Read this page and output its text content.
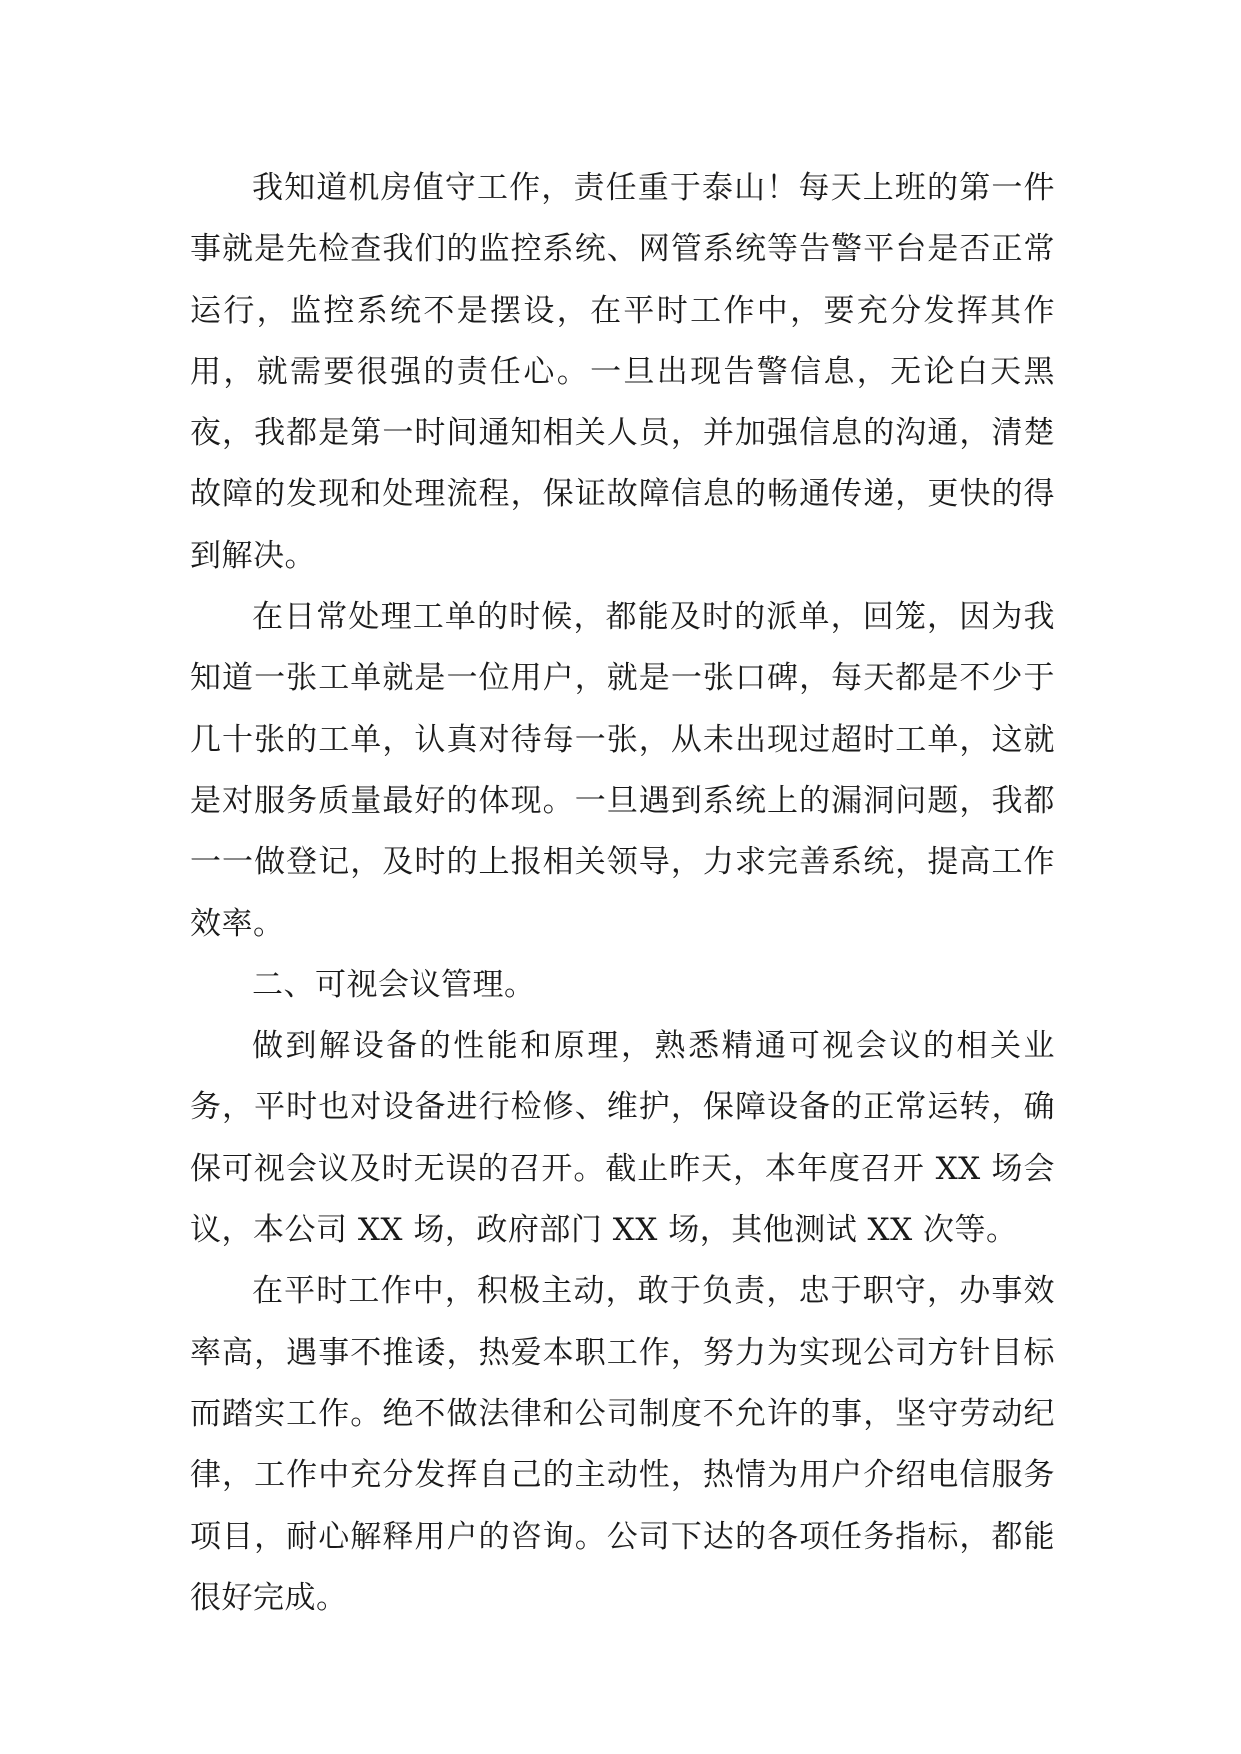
我知道机房值守工作，责任重于泰山！每天上班的第一件事就是先检查我们的监控系统、网管系统等告警平台是否正常运行，监控系统不是摆设，在平时工作中，要充分发挥其作用，就需要很强的责任心。一旦出现告警信息，无论白天黑夜，我都是第一时间通知相关人员，并加强信息的沟通，清楚故障的发现和处理流程，保证故障信息的畅通传递，更快的得到解决。

在日常处理工单的时候，都能及时的派单，回笼，因为我知道一张工单就是一位用户，就是一张口碑，每天都是不少于几十张的工单，认真对待每一张，从未出现过超时工单，这就是对服务质量最好的体现。一旦遇到系统上的漏洞问题，我都一一做登记，及时的上报相关领导，力求完善系统，提高工作效率。

二、可视会议管理。

做到解设备的性能和原理，熟悉精通可视会议的相关业务，平时也对设备进行检修、维护，保障设备的正常运转，确保可视会议及时无误的召开。截止昨天，本年度召开 XX 场会议，本公司 XX 场，政府部门 XX 场，其他测试 XX 次等。

在平时工作中，积极主动，敢于负责，忠于职守，办事效率高，遇事不推诿，热爱本职工作，努力为实现公司方针目标而踏实工作。绝不做法律和公司制度不允许的事，坚守劳动纪律，工作中充分发挥自己的主动性，热情为用户介绍电信服务项目，耐心解释用户的咨询。公司下达的各项任务指标，都能很好完成。
